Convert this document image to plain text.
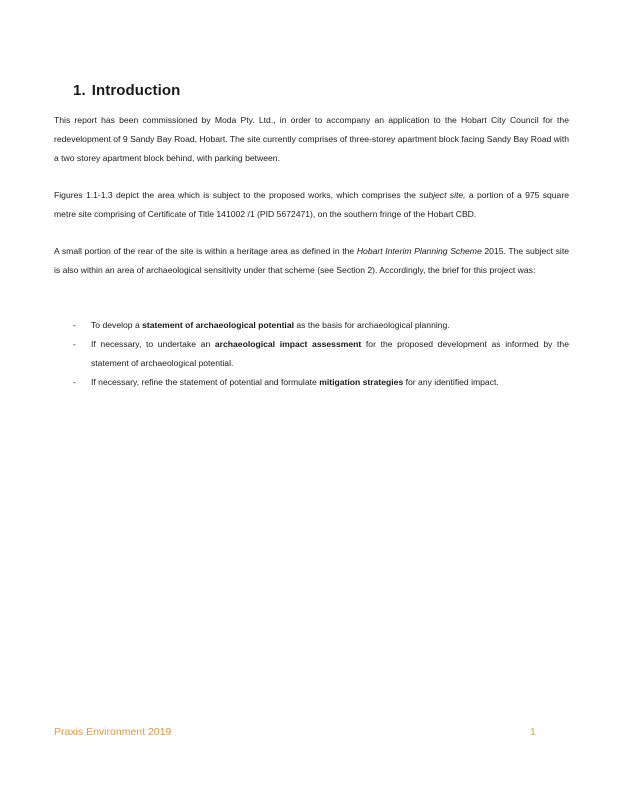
1. Introduction

This report has been commissioned by Moda Pty. Ltd., in order to accompany an application to the Hobart City Council for the redevelopment of 9 Sandy Bay Road, Hobart. The site currently comprises of three-storey apartment block facing Sandy Bay Road with a two storey apartment block behind, with parking between.

Figures 1.1-1.3 depict the area which is subject to the proposed works, which comprises the subject site, a portion of a 975 square metre site comprising of Certificate of Title 141002 /1 (PID 5672471), on the southern fringe of the Hobart CBD.

A small portion of the rear of the site is within a heritage area as defined in the Hobart Interim Planning Scheme 2015. The subject site is also within an area of archaeological sensitivity under that scheme (see Section 2). Accordingly, the brief for this project was:

- To develop a statement of archaeological potential as the basis for archaeological planning.
- If necessary, to undertake an archaeological impact assessment for the proposed development as informed by the statement of archaeological potential.
- If necessary, refine the statement of potential and formulate mitigation strategies for any identified impact.
Praxis Environment 2019	1
